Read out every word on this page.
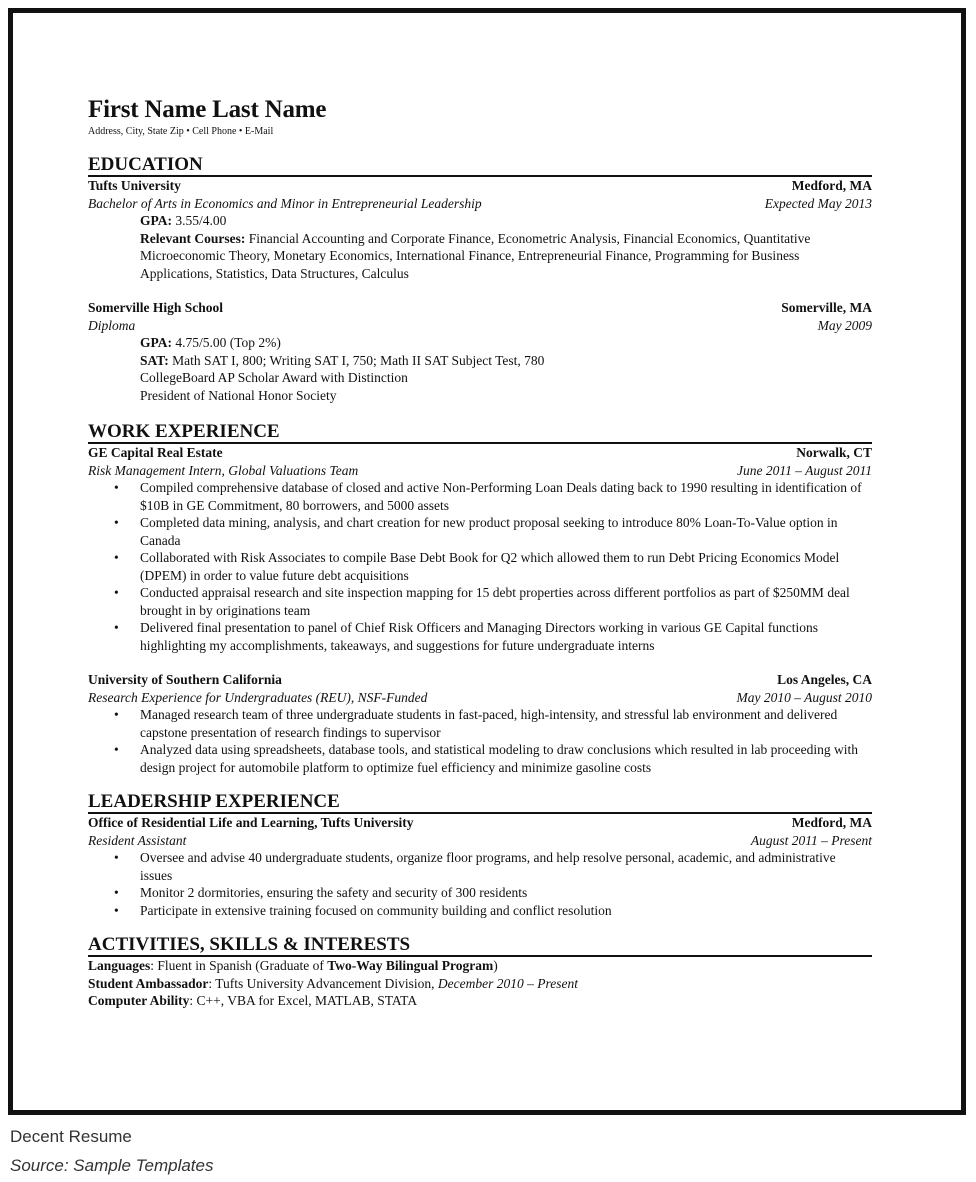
First Name Last Name
Address, City, State Zip • Cell Phone • E-Mail
EDUCATION
Tufts University	Medford, MA
Bachelor of Arts in Economics and Minor in Entrepreneurial Leadership	Expected May 2013
GPA: 3.55/4.00
Relevant Courses: Financial Accounting and Corporate Finance, Econometric Analysis, Financial Economics, Quantitative Microeconomic Theory, Monetary Economics, International Finance, Entrepreneurial Finance, Programming for Business Applications, Statistics, Data Structures, Calculus
Somerville High School	Somerville, MA
Diploma	May 2009
GPA: 4.75/5.00 (Top 2%)
SAT: Math SAT I, 800; Writing SAT I, 750; Math II SAT Subject Test, 780
CollegeBoard AP Scholar Award with Distinction
President of National Honor Society
WORK EXPERIENCE
GE Capital Real Estate	Norwalk, CT
Risk Management Intern, Global Valuations Team	June 2011 – August 2011
• Compiled comprehensive database of closed and active Non-Performing Loan Deals dating back to 1990 resulting in identification of $10B in GE Commitment, 80 borrowers, and 5000 assets
• Completed data mining, analysis, and chart creation for new product proposal seeking to introduce 80% Loan-To-Value option in Canada
• Collaborated with Risk Associates to compile Base Debt Book for Q2 which allowed them to run Debt Pricing Economics Model (DPEM) in order to value future debt acquisitions
• Conducted appraisal research and site inspection mapping for 15 debt properties across different portfolios as part of $250MM deal brought in by originations team
• Delivered final presentation to panel of Chief Risk Officers and Managing Directors working in various GE Capital functions highlighting my accomplishments, takeaways, and suggestions for future undergraduate interns
University of Southern California	Los Angeles, CA
Research Experience for Undergraduates (REU), NSF-Funded	May 2010 – August 2010
• Managed research team of three undergraduate students in fast-paced, high-intensity, and stressful lab environment and delivered capstone presentation of research findings to supervisor
• Analyzed data using spreadsheets, database tools, and statistical modeling to draw conclusions which resulted in lab proceeding with design project for automobile platform to optimize fuel efficiency and minimize gasoline costs
LEADERSHIP EXPERIENCE
Office of Residential Life and Learning, Tufts University	Medford, MA
Resident Assistant	August 2011 – Present
• Oversee and advise 40 undergraduate students, organize floor programs, and help resolve personal, academic, and administrative issues
• Monitor 2 dormitories, ensuring the safety and security of 300 residents
• Participate in extensive training focused on community building and conflict resolution
ACTIVITIES, SKILLS & INTERESTS
Languages: Fluent in Spanish (Graduate of Two-Way Bilingual Program)
Student Ambassador: Tufts University Advancement Division, December 2010 – Present
Computer Ability: C++, VBA for Excel, MATLAB, STATA
Decent Resume
Source: Sample Templates
